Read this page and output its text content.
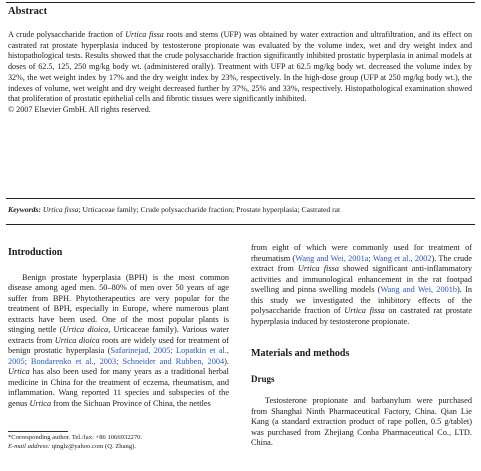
Abstract
A crude polysaccharide fraction of Urtica fissa roots and stems (UFP) was obtained by water extraction and ultrafiltration, and its effect on castrated rat prostate hyperplasia induced by testosterone propionate was evaluated by the volume index, wet and dry weight index and histopathological tests. Results showed that the crude polysaccharide fraction significantly inhibited prostatic hyperplasia in animal models at doses of 62.5, 125, 250 mg/kg body wt. (administered orally). Treatment with UFP at 62.5 mg/kg body wt. decreased the volume index by 32%, the wet weight index by 17% and the dry weight index by 23%, respectively. In the high-dose group (UFP at 250 mg/kg body wt.), the indexes of volume, wet weight and dry weight decreased further by 37%, 25% and 33%, respectively. Histopathological examination showed that proliferation of prostatic epithelial cells and fibrotic tissues were significantly inhibited.
© 2007 Elsevier GmbH. All rights reserved.
Keywords: Urtica fissa; Urticaceae family; Crude polysaccharide fraction; Prostate hyperplasia; Castrated rat
Introduction

Benign prostate hyperplasia (BPH) is the most common disease among aged men. 50–80% of men over 50 years of age suffer from BPH. Phytotherapeutics are very popular for the treatment of BPH, especially in Europe, where numerous plant extracts have been used. One of the most popular plants is stinging nettle (Urtica dioica, Urticaceae family). Various water extracts from Urtica dioica roots are widely used for treatment of benign prostatic hyperplasia (Safarinejad, 2005; Lopatkin et al., 2005; Bondarenko et al., 2003; Schneider and Rubben, 2004). Urtica has also been used for many years as a traditional herbal medicine in China for the treatment of eczema, rheumatism, and inflammation. Wang reported 11 species and subspecies of the genus Urtica from the Sichuan Province of China, the nettles

from eight of which were commonly used for treatment of rheumatism (Wang and Wei, 2001a; Wang et al., 2002). The crude extract from Urtica fissa showed significant anti-inflammatory activities and immunological enhancement in the rat footpad swelling and pinna swelling models (Wang and Wei, 2001b). In this study we investigated the inhibitory effects of the polysaccharide fraction of Urtica fissa on castrated rat prostate hyperplasia induced by testosterone propionate.

Materials and methods
Drugs

Testosterone propionate and barbanylum were purchased from Shanghai Ninth Pharmaceutical Factory, China. Qian Lie Kang (a standard extraction product of rape pollen, 0.5 g/tablet) was purchased from Zhejiang Conba Pharmaceutical Co., LTD. China.

*Corresponding author. Tel./fax: +86 1066932270.
E-mail address: qinglz@yahoo.com (Q. Zhang).
